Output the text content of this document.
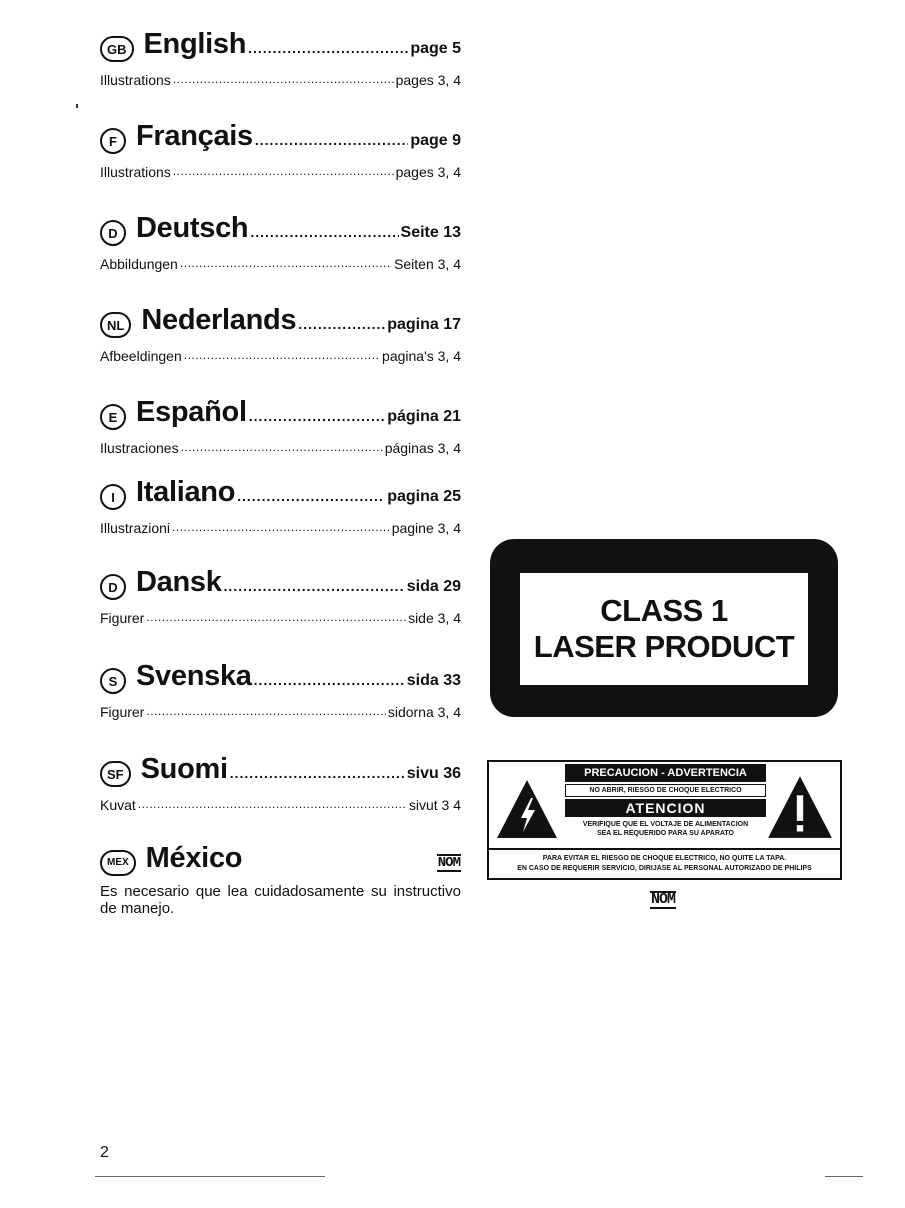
GB English .....	page 5
Illustrations .....	pages 3, 4
F Français .....	page 9
Illustrations .....	pages 3, 4
D Deutsch .....	Seite 13
Abbildungen .....	Seiten 3, 4
NL Nederlands .....	pagina 17
Afbeeldingen .....	pagina's 3, 4
E Español .....	página 21
Ilustraciones .....	páginas 3, 4
I Italiano .....	pagina 25
Illustrazioni .....	pagine 3, 4
D Dansk .....	sida 29
Figurer .....	side 3, 4
S Svenska .....	sida 33
Figurer .....	sidorna 3, 4
SF Suomi .....	sivu 36
Kuvat .....	sivut 3 4
MEX México	NOM
Es necesario que lea cuidadosamente su instructivo de manejo.
CLASS 1
LASER PRODUCT
PRECAUCION - ADVERTENCIA
NO ABRIR, RIESGO DE CHOQUE ELECTRICO
ATENCION
VERIFIQUE QUE EL VOLTAJE DE ALIMENTACION
SEA EL REQUERIDO PARA SU APARATO
PARA EVITAR EL RIESGO DE CHOQUE ELECTRICO, NO QUITE LA TAPA.
EN CASO DE REQUERIR SERVICIO, DIRIJASE AL PERSONAL AUTORIZADO DE PHILIPS
NOM
2
